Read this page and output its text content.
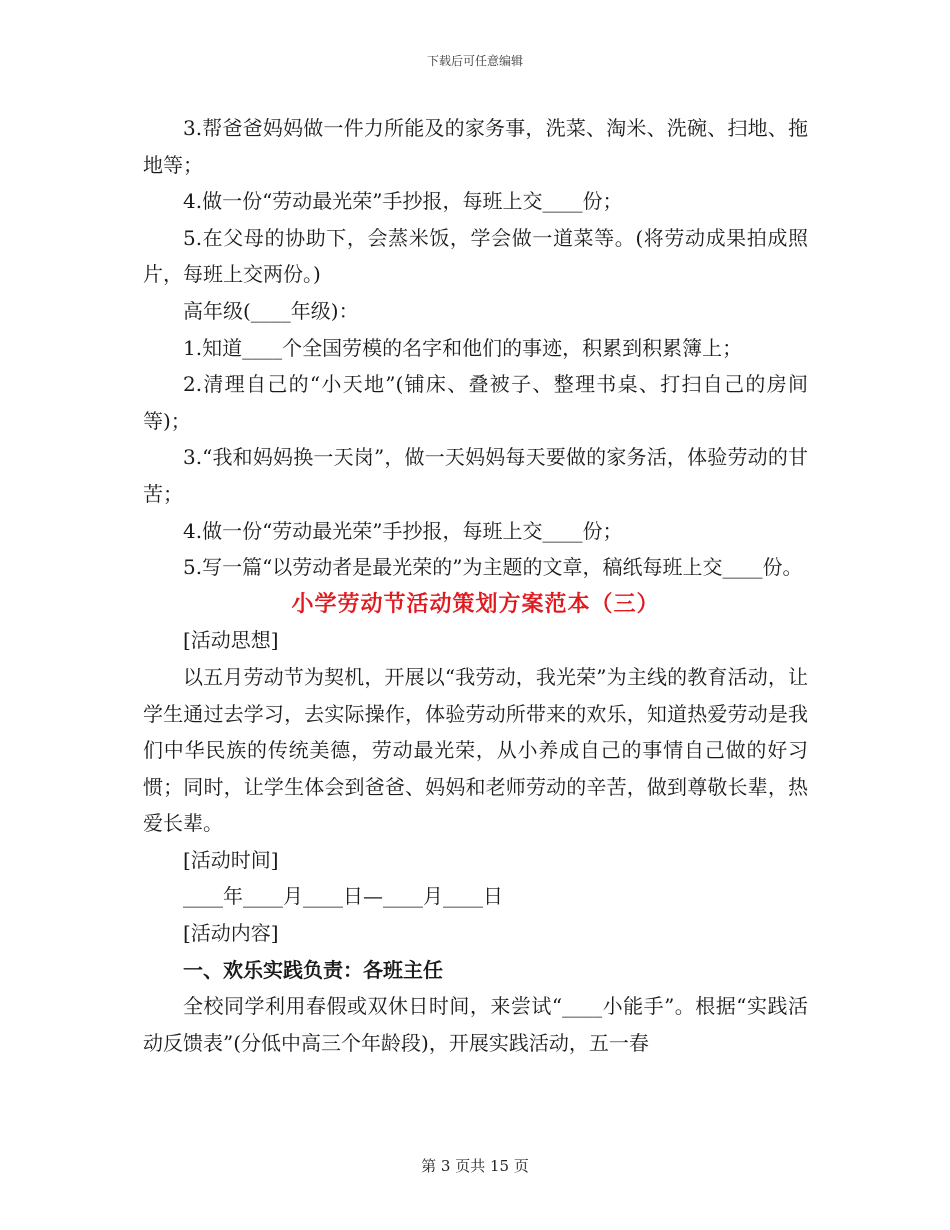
下载后可任意编辑

3.帮爸爸妈妈做一件力所能及的家务事，洗菜、淘米、洗碗、扫地、拖地等；

4.做一份“劳动最光荣”手抄报，每班上交____份；

5.在父母的协助下，会蒸米饭，学会做一道菜等。(将劳动成果拍成照片，每班上交两份。)

高年级(____年级)：

1.知道____个全国劳模的名字和他们的事迹，积累到积累簿上；

2.清理自己的“小天地”(铺床、叠被子、整理书桌、打扫自己的房间等)；

3.“我和妈妈换一天岗”，做一天妈妈每天要做的家务活，体验劳动的甘苦；

4.做一份“劳动最光荣”手抄报，每班上交____份；

5.写一篇“以劳动者是最光荣的”为主题的文章，稿纸每班上交____份。

小学劳动节活动策划方案范本（三）

[活动思想]

以五月劳动节为契机，开展以“我劳动，我光荣”为主线的教育活动，让学生通过去学习，去实际操作，体验劳动所带来的欢乐，知道热爱劳动是我们中华民族的传统美德，劳动最光荣，从小养成自己的事情自己做的好习惯；同时，让学生体会到爸爸、妈妈和老师劳动的辛苦，做到尊敬长辈，热爱长辈。

[活动时间]

____年____月____日—____月____日

[活动内容]

一、欢乐实践负责：各班主任

全校同学利用春假或双休日时间，来尝试“____小能手”。根据“实践活动反馈表”(分低中高三个年龄段)，开展实践活动，五一春

第 3 页共 15 页
